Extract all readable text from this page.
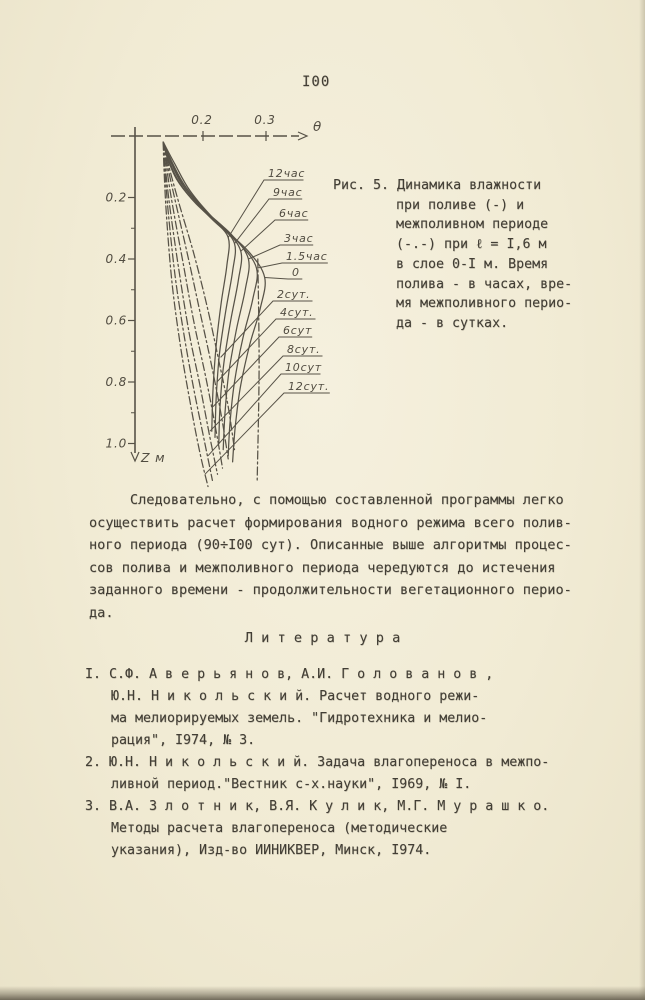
I00
θ
Z м
0.2	0.3
0.2
0.4
0.6
0.8
1.0
12час
9час
6час
3час
1.5час
0
2сут.
4сут.
6сут
8сут.
10сут
12сут.
Рис. 5. Динамика влажности
при поливе (-) и
межполивном периоде
(-.-) при ℓ = I,6 м
в слое 0-I м. Время
полива - в часах, вре-
мя межполивного перио-
да - в сутках.
Следовательно, с помощью составленной программы легко
осуществить расчет формирования водного режима всего полив-
ного периода (90÷I00 сут). Описанные выше алгоритмы процес-
сов полива и межполивного периода чередуются до истечения
заданного времени - продолжительности вегетационного перио-
да.
Л и т е р а т у р а
I. С.Ф. А в е р ь я н о в, А.И. Г о л о в а н о в ,
Ю.Н. Н и к о л ь с к и й. Расчет водного режи-
ма мелиорируемых земель. "Гидротехника и мелио-
рация", I974, № 3.
2. Ю.Н. Н и к о л ь с к и й. Задача влагопереноса в межпо-
ливной период."Вестник с-х.науки", I969, № I.
3. В.А. З л о т н и к, В.Я. К у л и к, М.Г. М у р а ш к о.
Методы расчета влагопереноса (методические
указания), Изд-во ИИНИКВЕР, Минск, I974.
